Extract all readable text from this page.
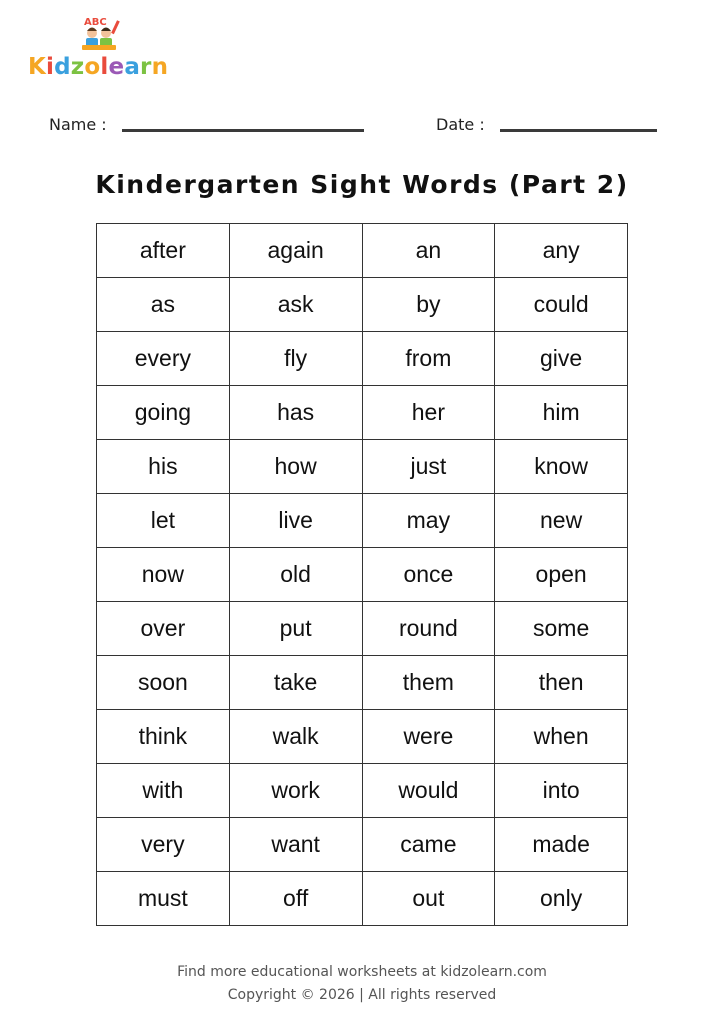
ABC
Kidzolearn
Name :	Date :
Kindergarten Sight Words (Part 2)
after	again	an	any
as	ask	by	could
every	fly	from	give
going	has	her	him
his	how	just	know
let	live	may	new
now	old	once	open
over	put	round	some
soon	take	them	then
think	walk	were	when
with	work	would	into
very	want	came	made
must	off	out	only
Find more educational worksheets at kidzolearn.com
Copyright © 2026 | All rights reserved
